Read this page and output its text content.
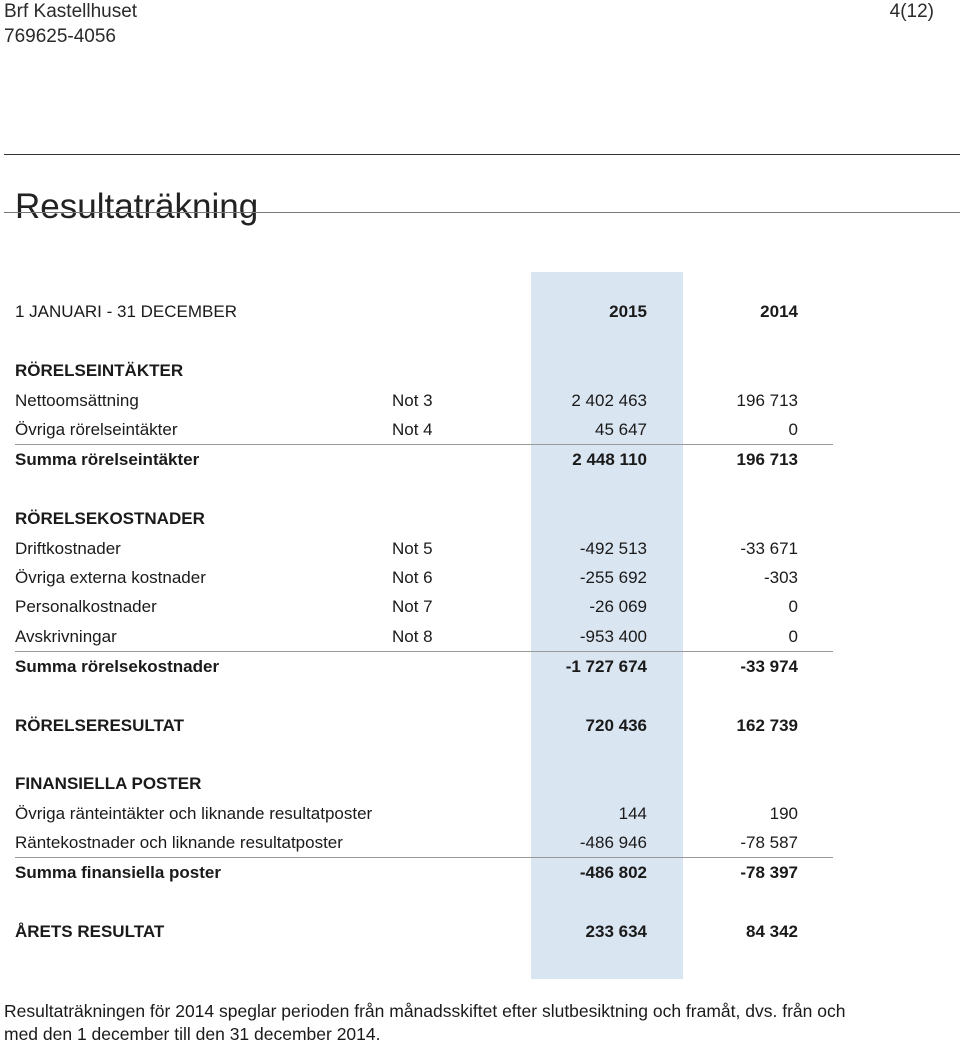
Brf Kastellhuset
769625-4056
4(12)
Resultaträkning
1 JANUARI - 31 DECEMBER	2015	2014
RÖRELSEINTÄKTER
Nettoomsättning	Not 3	2 402 463	196 713
Övriga rörelseintäkter	Not 4	45 647	0
Summa rörelseintäkter	2 448 110	196 713
RÖRELSEKOSTNADER
Driftkostnader	Not 5	-492 513	-33 671
Övriga externa kostnader	Not 6	-255 692	-303
Personalkostnader	Not 7	-26 069	0
Avskrivningar	Not 8	-953 400	0
Summa rörelsekostnader	-1 727 674	-33 974
RÖRELSERESULTAT	720 436	162 739
FINANSIELLA POSTER
Övriga ränteintäkter och liknande resultatposter	144	190
Räntekostnader och liknande resultatposter	-486 946	-78 587
Summa finansiella poster	-486 802	-78 397
ÅRETS RESULTAT	233 634	84 342
Resultaträkningen för 2014 speglar perioden från månadsskiftet efter slutbesiktning och framåt, dvs. från och
med den 1 december till den 31 december 2014.
